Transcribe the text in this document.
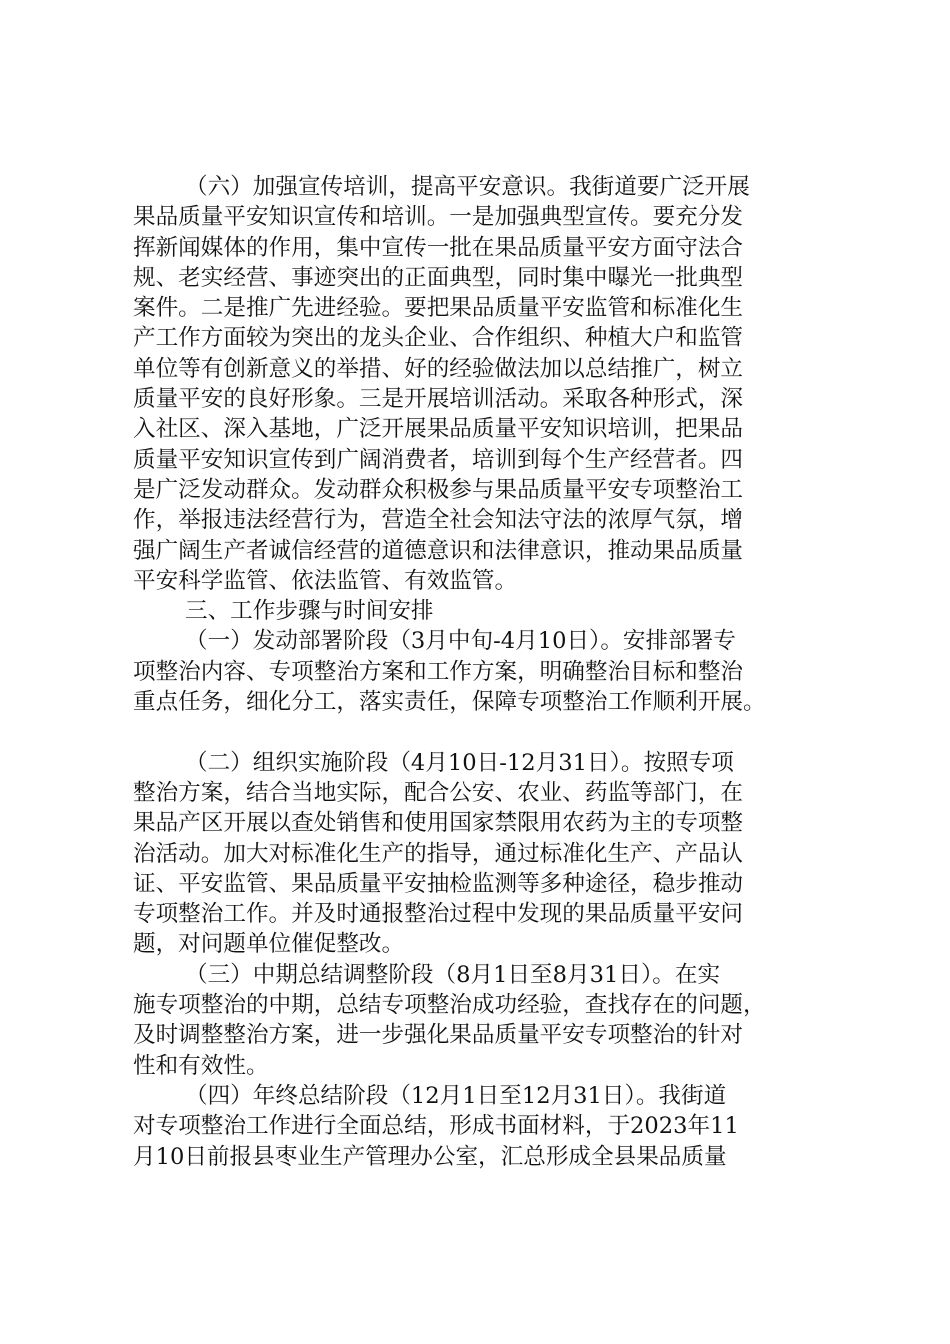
（六）加强宣传培训，提高平安意识。我街道要广泛开展
果品质量平安知识宣传和培训。一是加强典型宣传。要充分发
挥新闻媒体的作用，集中宣传一批在果品质量平安方面守法合
规、老实经营、事迹突出的正面典型，同时集中曝光一批典型
案件。二是推广先进经验。要把果品质量平安监管和标准化生
产工作方面较为突出的龙头企业、合作组织、种植大户和监管
单位等有创新意义的举措、好的经验做法加以总结推广，树立
质量平安的良好形象。三是开展培训活动。采取各种形式，深
入社区、深入基地，广泛开展果品质量平安知识培训，把果品
质量平安知识宣传到广阔消费者，培训到每个生产经营者。四
是广泛发动群众。发动群众积极参与果品质量平安专项整治工
作，举报违法经营行为，营造全社会知法守法的浓厚气氛，增
强广阔生产者诚信经营的道德意识和法律意识，推动果品质量
平安科学监管、依法监管、有效监管。
三、工作步骤与时间安排
（一）发动部署阶段（3月中旬-4月10日）。安排部署专
项整治内容、专项整治方案和工作方案，明确整治目标和整治
重点任务，细化分工，落实责任，保障专项整治工作顺利开展。
（二）组织实施阶段（4月10日-12月31日）。按照专项
整治方案，结合当地实际，配合公安、农业、药监等部门，在
果品产区开展以查处销售和使用国家禁限用农药为主的专项整
治活动。加大对标准化生产的指导，通过标准化生产、产品认
证、平安监管、果品质量平安抽检监测等多种途径，稳步推动
专项整治工作。并及时通报整治过程中发现的果品质量平安问
题，对问题单位催促整改。
（三）中期总结调整阶段（8月1日至8月31日）。在实
施专项整治的中期，总结专项整治成功经验，查找存在的问题，
及时调整整治方案，进一步强化果品质量平安专项整治的针对
性和有效性。
（四）年终总结阶段（12月1日至12月31日）。我街道
对专项整治工作进行全面总结，形成书面材料，于2023年11
月10日前报县枣业生产管理办公室，汇总形成全县果品质量
